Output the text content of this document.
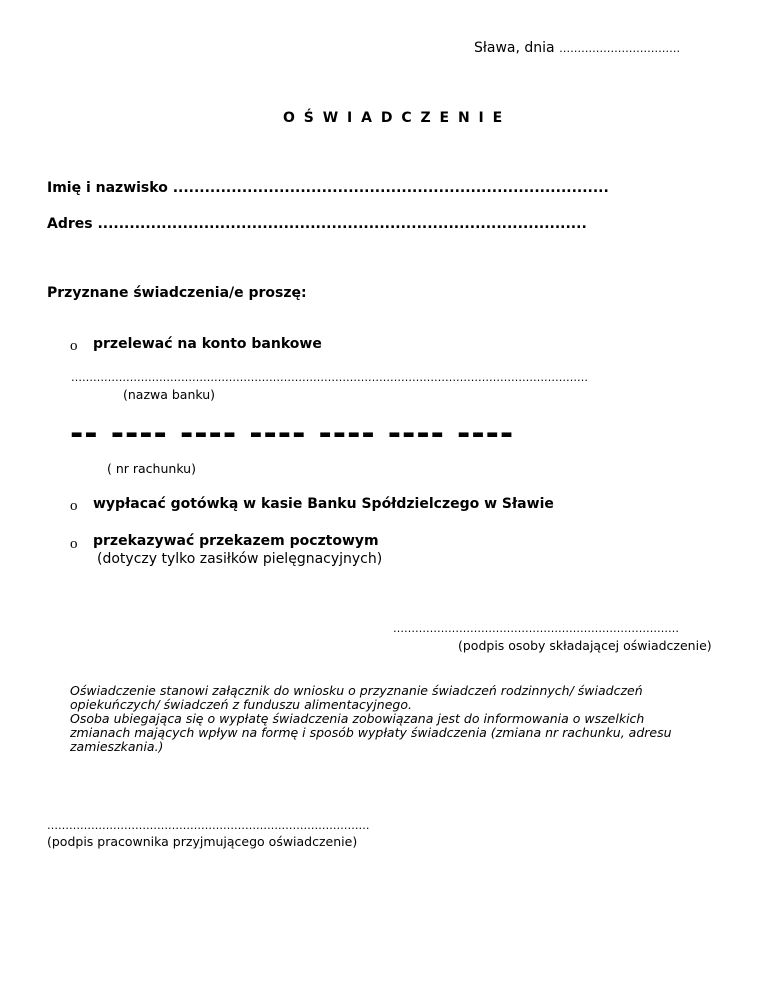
Sława, dnia ……………………………
O Ś W I A D C Z E N I E
Imię i nazwisko ..................................................................................
Adres ............................................................................................
Przyznane świadczenia/e proszę:
o przelewać na konto bankowe
……………………………………………………………………………………………………………………………
(nazwa banku)
-- ---- ---- ---- ---- ---- ----
( nr rachunku)
o wypłacać gotówką w kasie Banku Spółdzielczego w Sławie
o przekazywać przekazem pocztowym
(dotyczy tylko zasiłków pielęgnacyjnych)
……………………………………………………………………
(podpis osoby składającej oświadczenie)
Oświadczenie stanowi załącznik do wniosku o przyznanie świadczeń rodzinnych/ świadczeń
opiekuńczych/ świadczeń z funduszu alimentacyjnego.
Osoba ubiegająca się o wypłatę świadczenia zobowiązana jest do informowania o wszelkich
zmianach mających wpływ na formę i sposób wypłaty świadczenia (zmiana nr rachunku, adresu
zamieszkania.)
……………………………………………………….……………………
(podpis pracownika przyjmującego oświadczenie)
